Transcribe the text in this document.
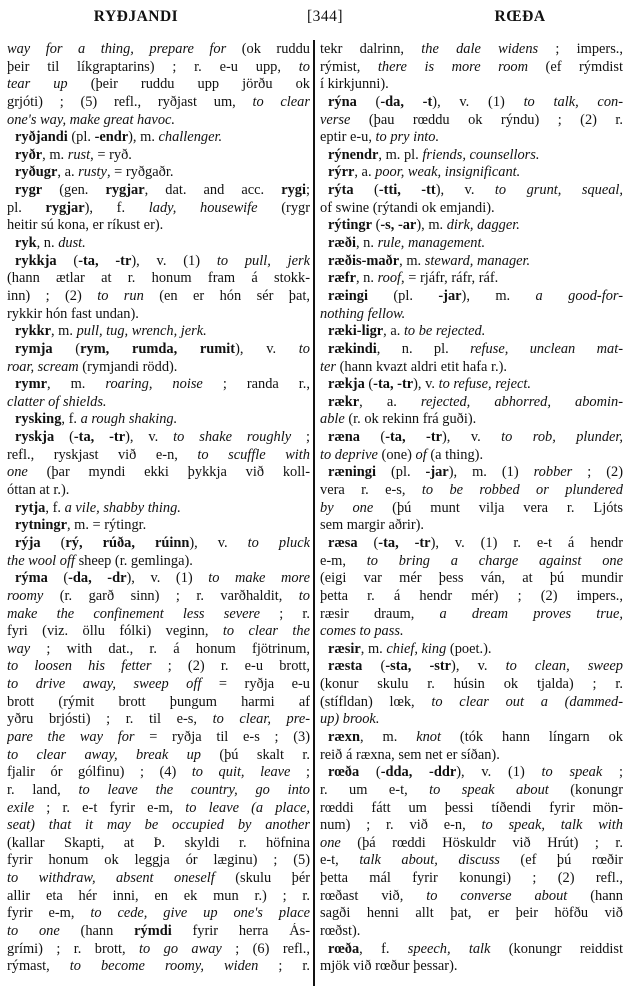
RYÐJANDI	[344]	RŒÐA
way for a thing, prepare for (ok ruddu
þeir til líkgraptarins) ; r. e-u upp, to
tear up (þeir ruddu upp jörðu ok
grjóti) ; (5) refl., ryðjast um, to clear
one's way, make great havoc.
ryðjandi (pl. -endr), m. challenger.
ryðr, m. rust, = ryð.
ryðugr, a. rusty, = ryðgaðr.
rygr (gen. rygjar, dat. and acc. rygi;
pl. rygjar), f. lady, housewife (rygr
heitir sú kona, er ríkust er).
ryk, n. dust.
rykkja (-ta, -tr), v. (1) to pull, jerk
(hann ætlar at r. honum fram á stokk-
inn) ; (2) to run (en er hón sér þat,
rykkir hón fast undan).
rykkr, m. pull, tug, wrench, jerk.
rymja (rym, rumda, rumit), v. to
roar, scream (rymjandi rödd).
rymr, m. roaring, noise ; randa r.,
clatter of shields.
rysking, f. a rough shaking.
ryskja (-ta, -tr), v. to shake roughly ;
refl., ryskjast við e-n, to scuffle with
one (þar myndi ekki þykkja við koll-
óttan at r.).
rytja, f. a vile, shabby thing.
rytningr, m. = rýtingr.
rýja (rý, rúða, rúinn), v. to pluck
the wool off sheep (r. gemlinga).
rýma (-da, -dr), v. (1) to make more
roomy (r. garð sinn) ; r. varðhaldit, to
make the confinement less severe ; r.
fyri (viz. öllu fólki) veginn, to clear the
way ; with dat., r. á honum fjötrinum,
to loosen his fetter ; (2) r. e-u brott,
to drive away, sweep off = ryðja e-u
brott (rýmit brott þungum harmi af
yðru brjósti) ; r. til e-s, to clear, pre-
pare the way for = ryðja til e-s ; (3)
to clear away, break up (þú skalt r.
fjalir ór gólfinu) ; (4) to quit, leave ;
r. land, to leave the country, go into
exile ; r. e-t fyrir e-m, to leave (a place,
seat) that it may be occupied by another
(kallar Skapti, at Þ. skyldi r. höfnina
fyrir honum ok leggja ór læginu) ; (5)
to withdraw, absent oneself (skulu þér
allir eta hér inni, en ek mun r.) ; r.
fyrir e-m, to cede, give up one's place
to one (hann rýmdi fyrir herra Ás-
grími) ; r. brott, to go away ; (6) refl.,
rýmast, to become roomy, widen ; r.
tekr dalrinn, the dale widens ; impers.,
rýmist, there is more room (ef rýmdist
í kirkjunni).
rýna (-da, -t), v. (1) to talk, con-
verse (þau rœddu ok rýndu) ; (2) r.
eptir e-u, to pry into.
rýnendr, m. pl. friends, counsellors.
rýrr, a. poor, weak, insignificant.
rýta (-tti, -tt), v. to grunt, squeal,
of swine (rýtandi ok emjandi).
rýtingr (-s, -ar), m. dirk, dagger.
ræði, n. rule, management.
ræðis-maðr, m. steward, manager.
ræfr, n. roof, = rjáfr, ráfr, ráf.
ræingi (pl. -jar), m. a good-for-
nothing fellow.
ræki-ligr, a. to be rejected.
rækindi, n. pl. refuse, unclean mat-
ter (hann kvazt aldri etit hafa r.).
rækja (-ta, -tr), v. to refuse, reject.
rækr, a. rejected, abhorred, abomin-
able (r. ok rekinn frá guði).
ræna (-ta, -tr), v. to rob, plunder,
to deprive (one) of (a thing).
ræningi (pl. -jar), m. (1) robber ; (2)
vera r. e-s, to be robbed or plundered
by one (þú munt vilja vera r. Ljóts
sem margir aðrir).
ræsa (-ta, -tr), v. (1) r. e-t á hendr
e-m, to bring a charge against one
(eigi var mér þess ván, at þú mundir
þetta r. á hendr mér) ; (2) impers.,
ræsir draum, a dream proves true,
comes to pass.
ræsir, m. chief, king (poet.).
ræsta (-sta, -str), v. to clean, sweep
(konur skulu r. húsin ok tjalda) ; r.
(stífldan) lœk, to clear out a (dammed-
up) brook.
ræxn, m. knot (tók hann língarn ok
reið á ræxna, sem net er síðan).
rœða (-dda, -ddr), v. (1) to speak ;
r. um e-t, to speak about (konungr
rœddi fátt um þessi tíðendi fyrir mön-
num) ; r. við e-n, to speak, talk with
one (þá rœddi Höskuldr við Hrút) ; r.
e-t, talk about, discuss (ef þú rœðir
þetta mál fyrir konungi) ; (2) refl.,
rœðast við, to converse about (hann
sagði henni allt þat, er þeir höfðu við
rœðst).
rœða, f. speech, talk (konungr reiddist
mjök við rœður þessar).
